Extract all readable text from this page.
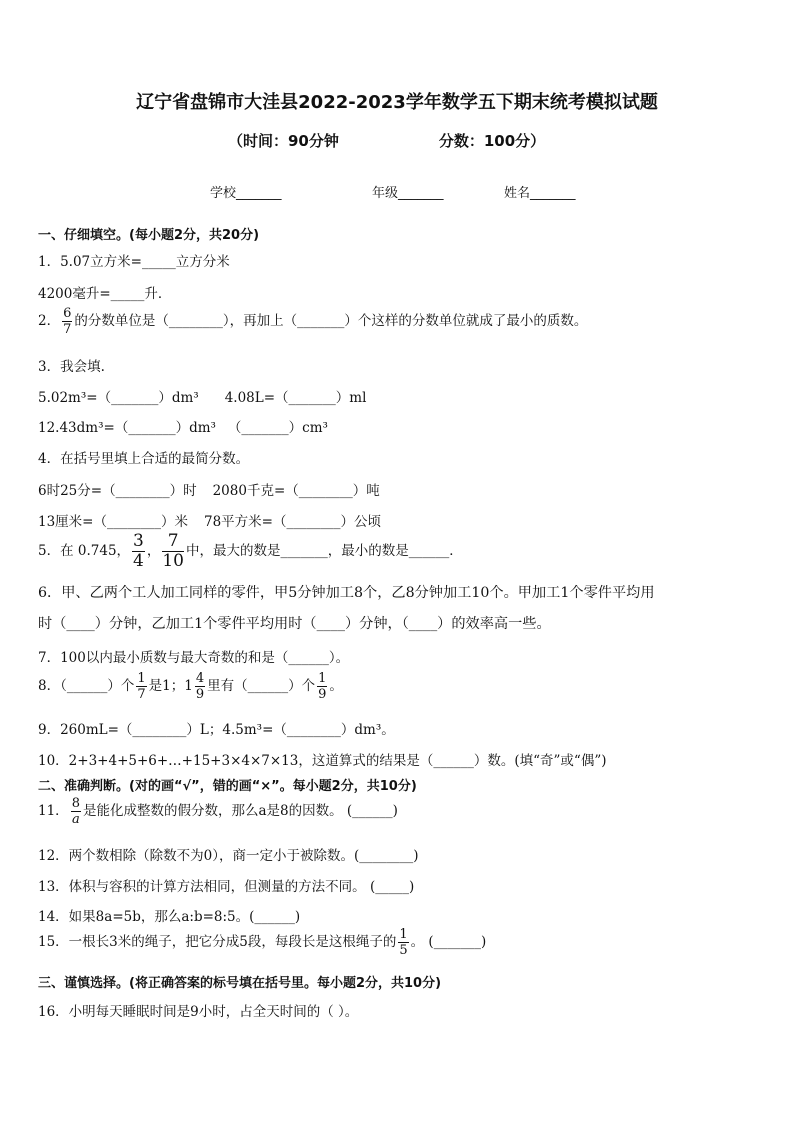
辽宁省盘锦市大洼县2022-2023学年数学五下期末统考模拟试题
（时间：90分钟	分数：100分）
学校_______	年级_______	姓名_______
一、仔细填空。(每小题2分，共20分)
1．5.07立方米=_____立方分米
4200毫升=_____升．
2． $\frac{6}{7}$ 的分数单位是（________），再加上（_______）个这样的分数单位就成了最小的质数。
3．我会填.
5.02m³=（_______）dm³ 4.08L=（_______）ml
12.43dm³=（_______）dm³ （_______）cm³
4．在括号里填上合适的最简分数。
6时25分=（________）时 2080千克=（________）吨
13厘米=（________）米 78平方米=（________）公顷
5．在 0.745， $\frac{3}{4}$ ， $\frac{7}{10}$ 中，最大的数是_______，最小的数是______．
6．甲、乙两个工人加工同样的零件，甲5分钟加工8个，乙8分钟加工10个。甲加工1个零件平均用
时（____）分钟，乙加工1个零件平均用时（____）分钟，（____）的效率高一些。
7．100以内最小质数与最大奇数的和是（______）。
8．（______）个 $\frac{1}{7}$ 是1；$1 \frac{4}{9}$ 里有（______）个 $\frac{1}{9}$ 。
9．260mL=（________）L；4.5m³=（________）dm³。
10．2+3+4+5+6+…+15+3×4×7×13，这道算式的结果是（______）数。(填“奇”或“偶”)
二、准确判断。(对的画“√”，错的画“×”。每小题2分，共10分)
11． $\frac{8}{a}$ 是能化成整数的假分数，那么a是8的因数。 (______)
12．两个数相除（除数不为0），商一定小于被除数。(________)
13．体积与容积的计算方法相同，但测量的方法不同。 (_____)
14．如果8a=5b，那么a:b=8:5。(______)
15．一根长3米的绳子，把它分成5段，每段长是这根绳子的 $\frac{1}{5}$ 。 (_______)
三、谨慎选择。(将正确答案的标号填在括号里。每小题2分，共10分)
16．小明每天睡眠时间是9小时，占全天时间的（ ）。
